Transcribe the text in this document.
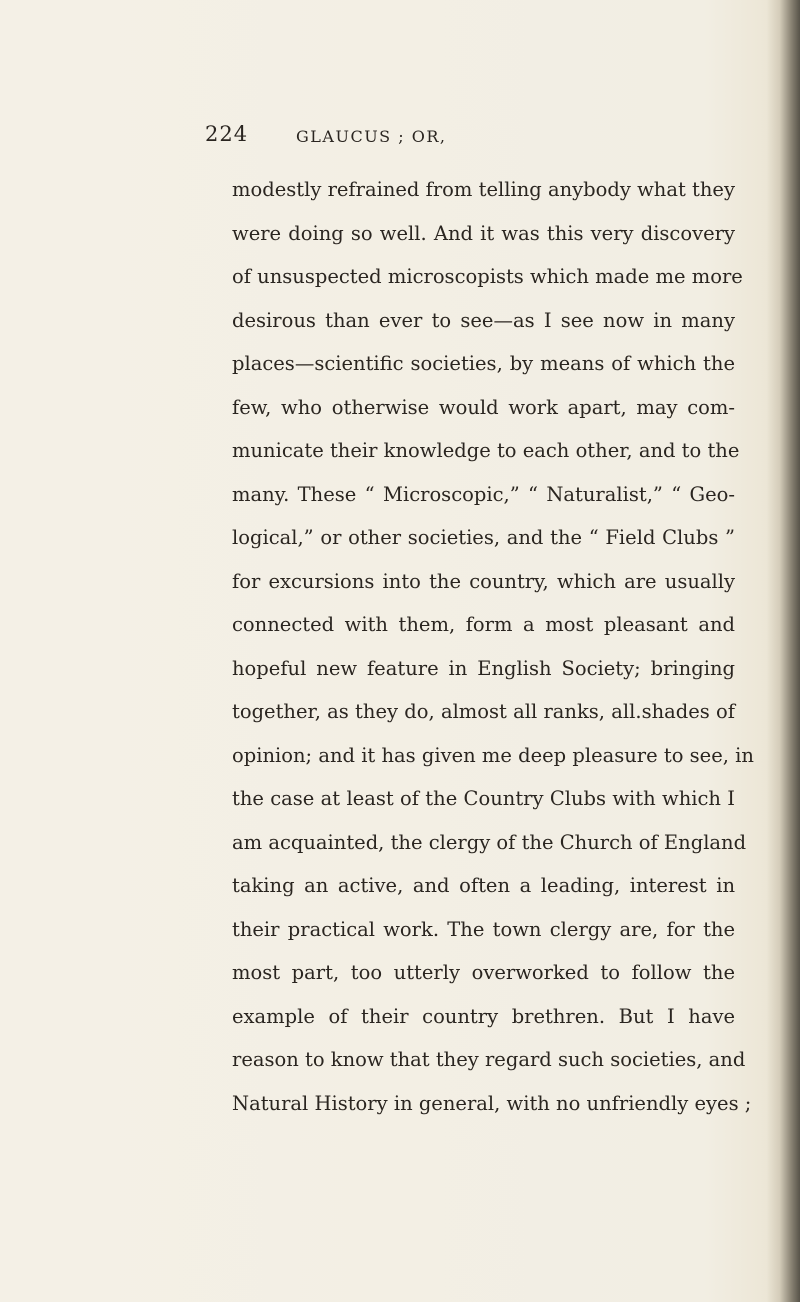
224	GLAUCUS ; OR,
modestly refrained from telling anybody what they
were doing so well. And it was this very discovery
of unsuspected microscopists which made me more
desirous than ever to see—as I see now in many
places—scientific societies, by means of which the
few, who otherwise would work apart, may com-
municate their knowledge to each other, and to the
many. These “ Microscopic,” “ Naturalist,” “ Geo-
logical,” or other societies, and the “ Field Clubs ”
for excursions into the country, which are usually
connected with them, form a most pleasant and
hopeful new feature in English Society; bringing
together, as they do, almost all ranks, all.shades of
opinion; and it has given me deep pleasure to see, in
the case at least of the Country Clubs with which I
am acquainted, the clergy of the Church of England
taking an active, and often a leading, interest in
their practical work. The town clergy are, for the
most part, too utterly overworked to follow the
example of their country brethren. But I have
reason to know that they regard such societies, and
Natural History in general, with no unfriendly eyes ;
